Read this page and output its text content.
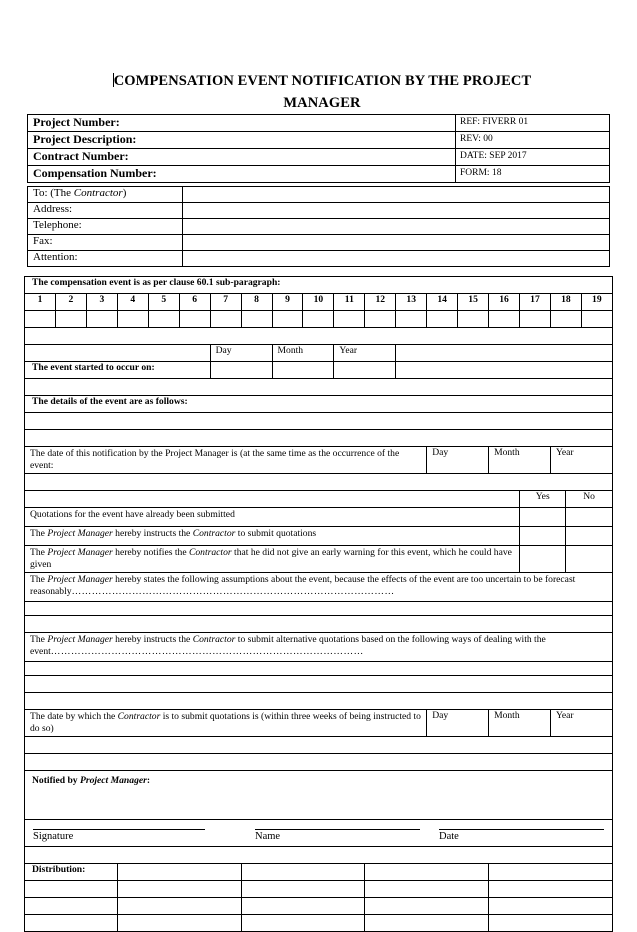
COMPENSATION EVENT NOTIFICATION BY THE PROJECT
MANAGER
Project Number:	REF: FIVERR 01
Project Description:	REV: 00
Contract Number:	DATE: SEP 2017
Compensation Number:	FORM: 18
To: (The Contractor)	
Address:	
Telephone:	
Fax:	
Attention:	
The compensation event is as per clause 60.1 sub-paragraph:																			
1	2	3	4	5	6	7	8	9	10	11	12	13	14	15	16	17	18		19

						Day		Month		Year									
The event started to occur on:																			

The details of the event are as follows:																			

The date of this notification by the Project Manager is (at the same time as the occurrence of the event:													Day		Month		Year		

																Yes		No	
Quotations for the event have already been submitted																			
The Project Manager hereby instructs the Contractor to submit quotations																			
The Project Manager hereby notifies the Contractor that he did not give an early warning for this event, which he could have given																			
The Project Manager hereby states the following assumptions about the event, because the effects of the event are too uncertain to be forecast reasonably……………………………………………………………………………………																			

The Project Manager hereby instructs the Contractor to submit alternative quotations based on the following ways of dealing with the event…………………………………………………………………………………																			

The date by which the Contractor is to submit quotations is (within three weeks of being instructed to do so)													Day		Month		Year		

Notified by Project Manager:																			

Signature Name Date																			

Distribution:																			
